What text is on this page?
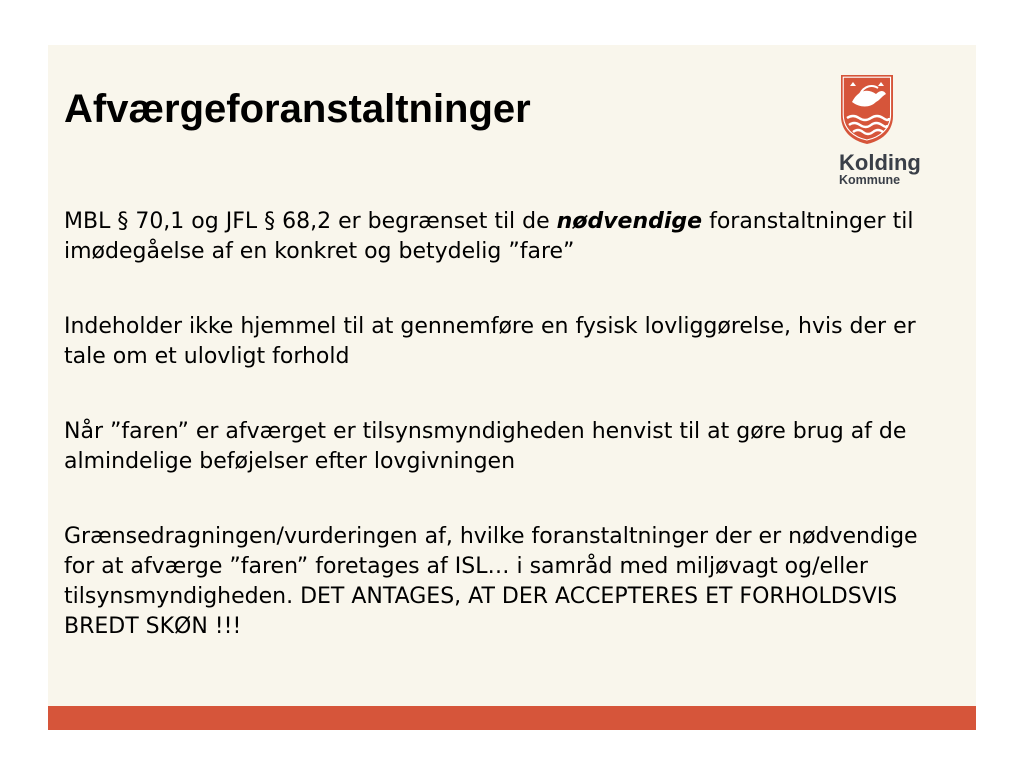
Afværgeforanstaltninger
Kolding
Kommune

MBL § 70,1 og JFL § 68,2 er begrænset til de nødvendige foranstaltninger til imødegåelse af en konkret og betydelig ”fare”

Indeholder ikke hjemmel til at gennemføre en fysisk lovliggørelse, hvis der er tale om et ulovligt forhold

Når ”faren” er afværget er tilsynsmyndigheden henvist til at gøre brug af de almindelige beføjelser efter lovgivningen

Grænsedragningen/vurderingen af, hvilke foranstaltninger der er nødvendige for at afværge ”faren” foretages af ISL… i samråd med miljøvagt og/eller tilsynsmyndigheden. DET ANTAGES, AT DER ACCEPTERES ET FORHOLDSVIS BREDT SKØN !!!
